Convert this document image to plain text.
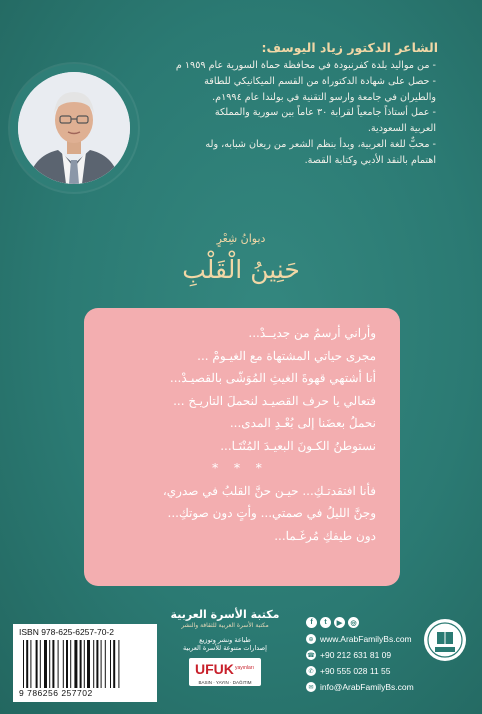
الشاعر الدكتور زياد اليوسف:
- من مواليد بلدة كفرنبودة في محافظة حماة السورية عام ١٩٥٩ م
- حصل على شهادة الدكتوراة من القسم الميكانيكي للطاقة
والطيران في جامعة وارسو التقنية في بولندا عام ١٩٩٤م.
- عمل أستاذاً جامعياً لقرابة ٣٠ عاماً بين سورية والمملكة
العربية السعودية.
- محبٌّ للغة العربية، وبدأ بنظم الشعر من ريعان شبابه، وله
اهتمام بالنقد الأدبي وكتابة القصة.
ديوانُ شِعْرٍ
حَنِينُ الْقَلْبِ
وأراني أرسمُ من جديــدْ...
مجرى حياتي المشتهاة مع الغيـومْ ...
أنا أشتهي قهوةَ الغيثِ المُوَشّى بالقصيـدْ...
فتعالي يا حرف القصيـد لنحملَ التاريـخ ...
نحملُ بعضَنا إلى بُعْـدِ المدى...
نستوطنُ الكـونَ البعيـدَ المُنْتَـا...
* * *
فأنا افتقدتـكِ... حيـن حنَّ القلبُ في صدري،
وجنَّ الليلُ في صمتي... وأتٍ دون صوتكِ...
دون طيفكِ مُرغَـما...
مكتبة الأسرة العربية
مكتبة الأسرة العربية للثقافة والنشر
طباعة ونشر وتوزيع
إصدارات متنوعة للأسرة العربية
UFUK yayınları
BASIN · YAYIN · DAĞITIM
ISBN 978-625-6257-70-2
9 786256 257702
f	t	▶	◎
⊕ www.ArabFamilyBs.com
☎ +90 212 631 81 09
✆ +90 555 028 11 55
✉ info@ArabFamilyBs.com
